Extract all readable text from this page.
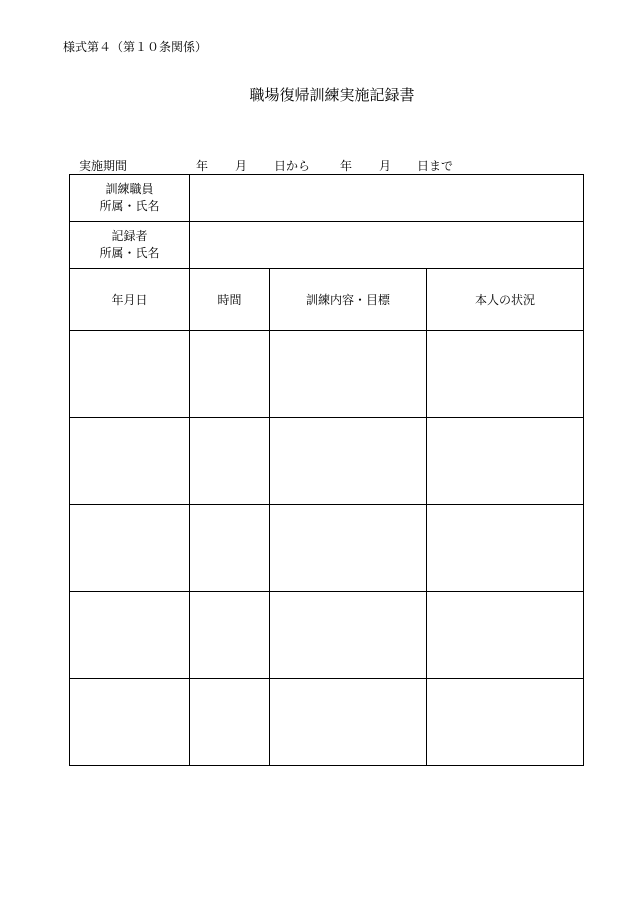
様式第４（第１０条関係）
職場復帰訓練実施記録書
実施期間	年 月 日から 年 月 日まで
訓練職員
所属・氏名			

記録者
所属・氏名			

年月日	時間	訓練内容・目標	本人の状況
